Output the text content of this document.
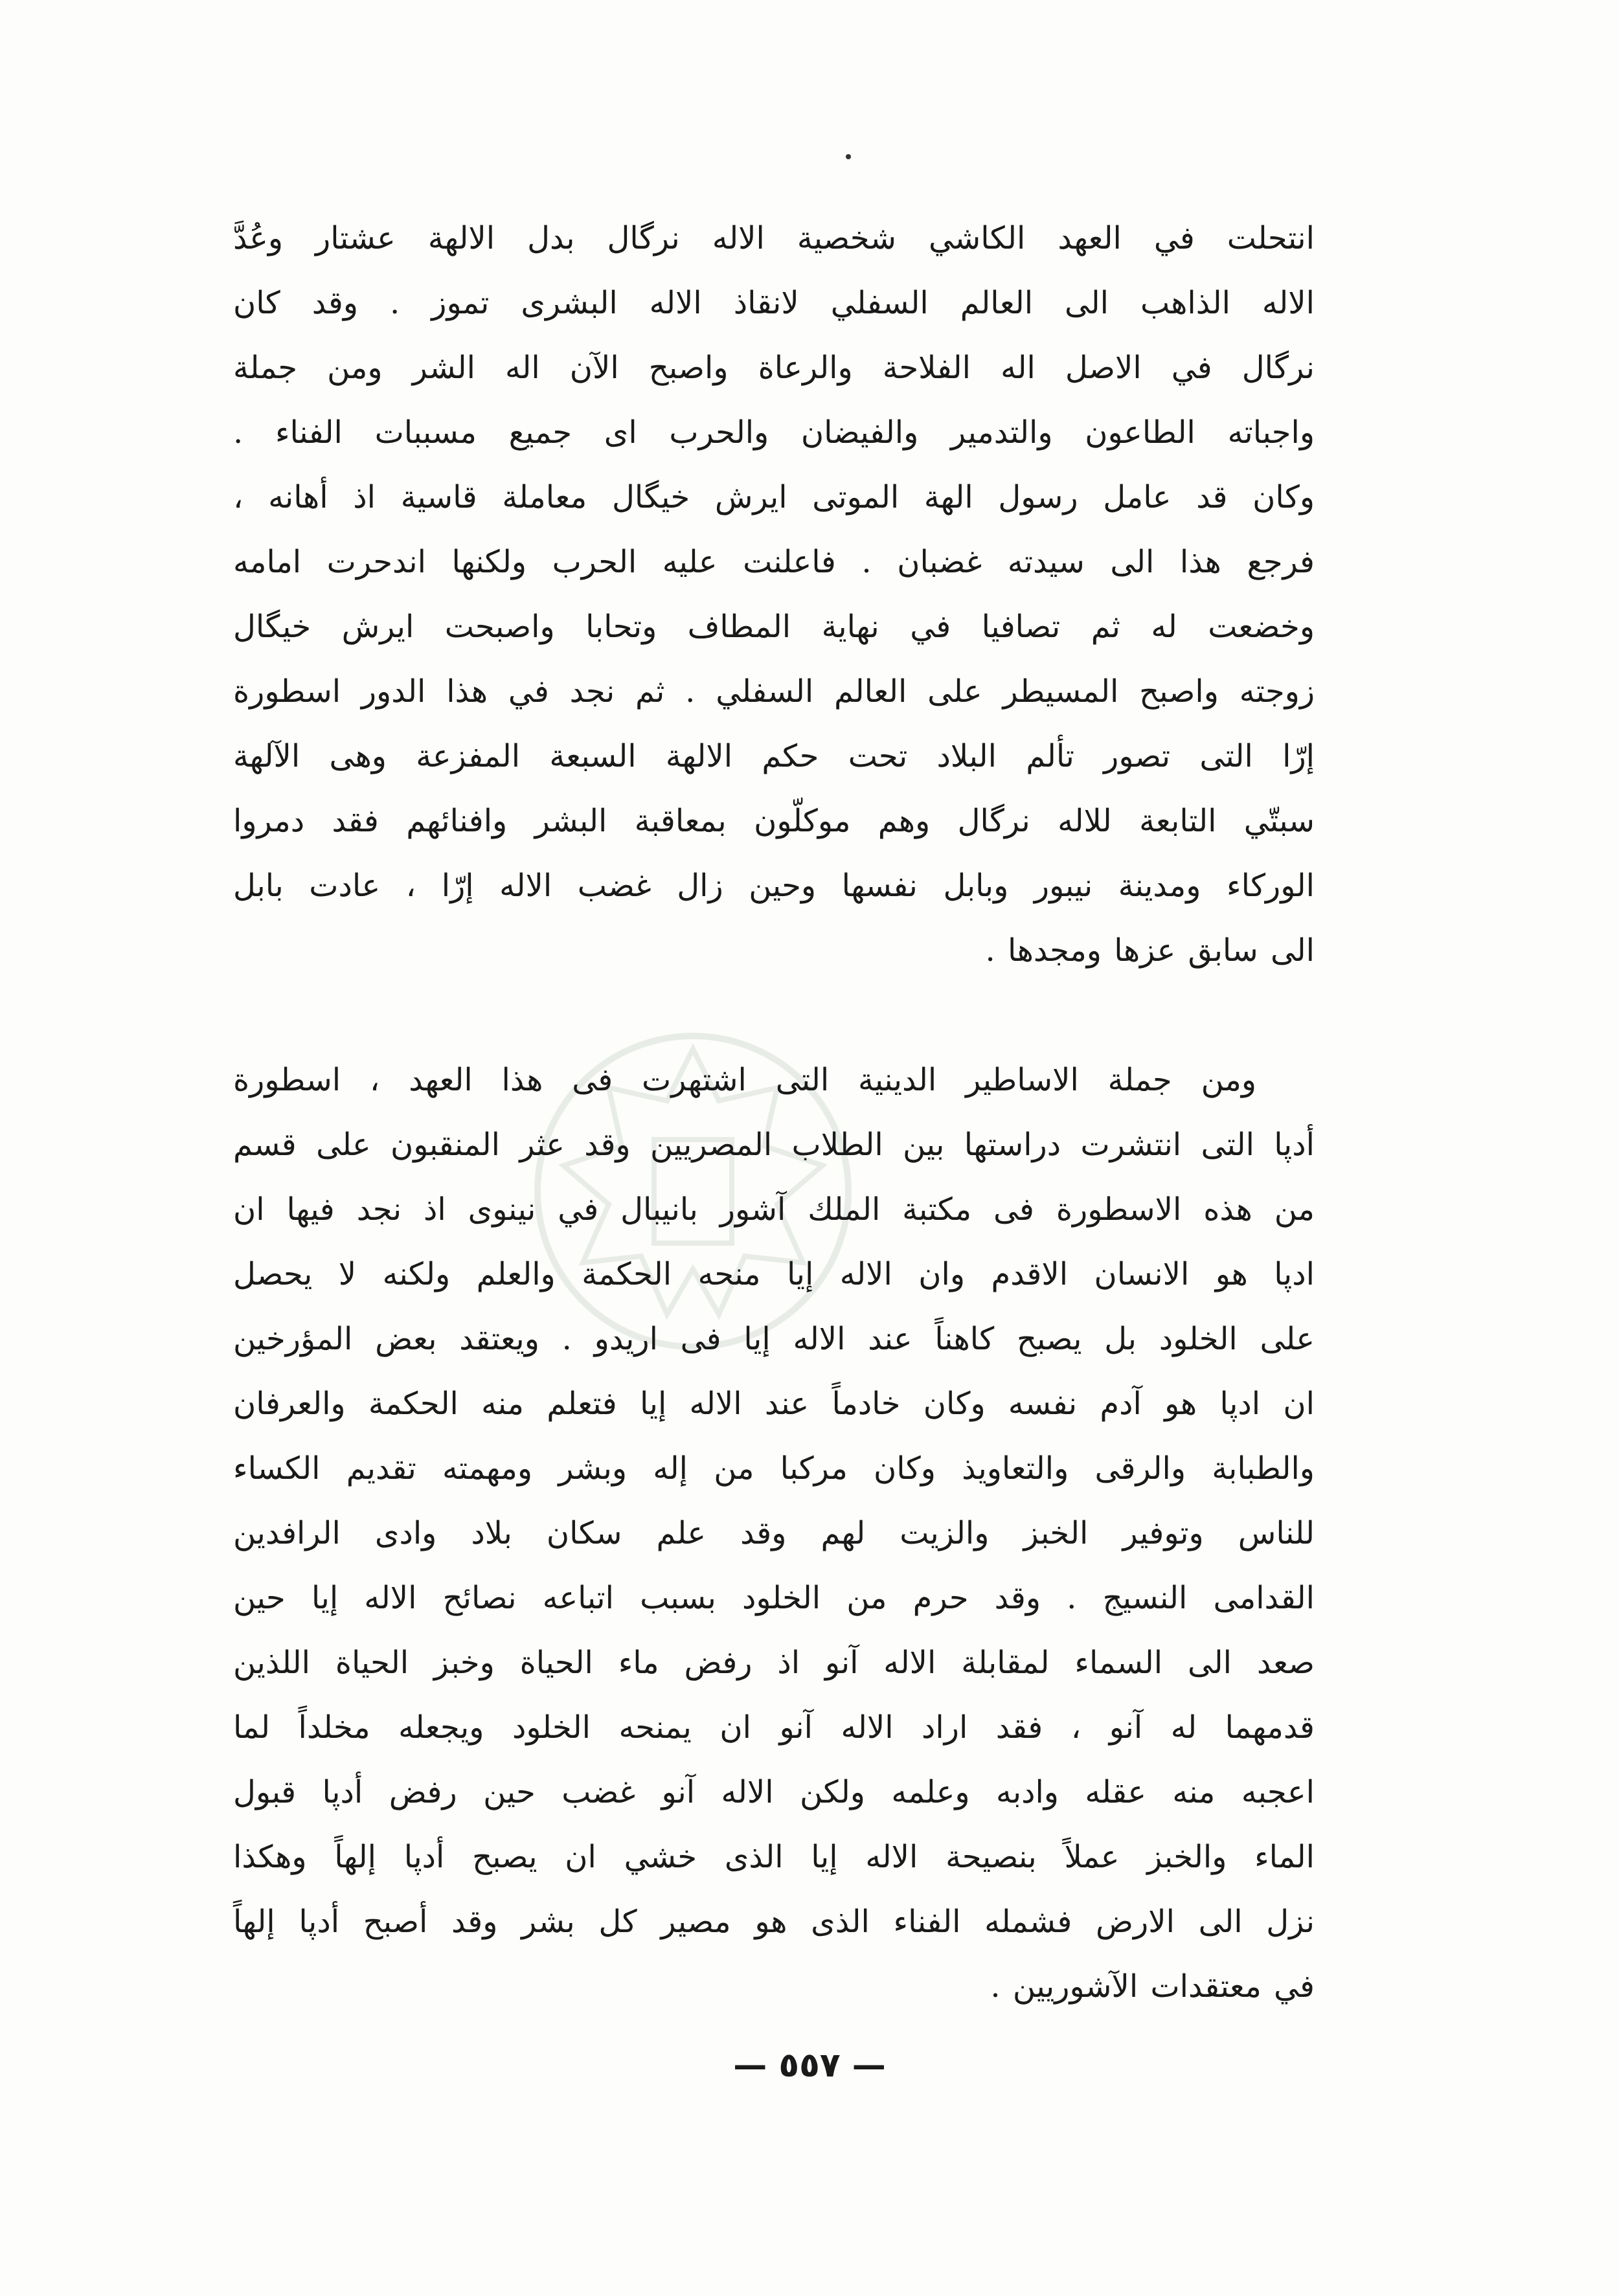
انتحلت في العهد الكاشي شخصية الاله نرگال بدل الالهة عشتار وعُدَّ
الاله الذاهب الى العالم السفلي لانقاذ الاله البشرى تموز . وقد كان
نرگال في الاصل اله الفلاحة والرعاة واصبح الآن اله الشر ومن جملة
واجباته الطاعون والتدمير والفيضان والحرب اى جميع مسببات الفناء .
وكان قد عامل رسول الهة الموتى ايرش خيگال معاملة قاسية اذ أهانه ،
فرجع هذا الى سيدته غضبان . فاعلنت عليه الحرب ولكنها اندحرت امامه
وخضعت له ثم تصافيا في نهاية المطاف وتحابا واصبحت ايرش خيگال
زوجته واصبح المسيطر على العالم السفلي . ثم نجد في هذا الدور اسطورة
إرّا التى تصور تألم البلاد تحت حكم الالهة السبعة المفزعة وهى الآلهة
سبتّي التابعة للاله نرگال وهم موكلّون بمعاقبة البشر وافنائهم فقد دمروا
الوركاء ومدينة نيبور وبابل نفسها وحين زال غضب الاله إرّا ، عادت بابل
الى سابق عزها ومجدها .
ومن جملة الاساطير الدينية التى اشتهرت فى هذا العهد ، اسطورة
أدپا التى انتشرت دراستها بين الطلاب المصريين وقد عثر المنقبون على قسم
من هذه الاسطورة فى مكتبة الملك آشور بانيبال في نينوى اذ نجد فيها ان
ادپا هو الانسان الاقدم وان الاله إيا منحه الحكمة والعلم ولكنه لا يحصل
على الخلود بل يصبح كاهناً عند الاله إيا فى اريدو . ويعتقد بعض المؤرخين
ان ادپا هو آدم نفسه وكان خادماً عند الاله إيا فتعلم منه الحكمة والعرفان
والطبابة والرقى والتعاويذ وكان مركبا من إله وبشر ومهمته تقديم الكساء
للناس وتوفير الخبز والزيت لهم وقد علم سكان بلاد وادى الرافدين
القدامى النسيج . وقد حرم من الخلود بسبب اتباعه نصائح الاله إيا حين
صعد الى السماء لمقابلة الاله آنو اذ رفض ماء الحياة وخبز الحياة اللذين
قدمهما له آنو ، فقد اراد الاله آنو ان يمنحه الخلود ويجعله مخلداً لما
اعجبه منه عقله وادبه وعلمه ولكن الاله آنو غضب حين رفض أدپا قبول
الماء والخبز عملاً بنصيحة الاله إيا الذى خشي ان يصبح أدپا إلهاً وهكذا
نزل الى الارض فشمله الفناء الذى هو مصير كل بشر وقد أصبح أدپا إلهاً
في معتقدات الآشوريين .
— ٥٥٧ —
